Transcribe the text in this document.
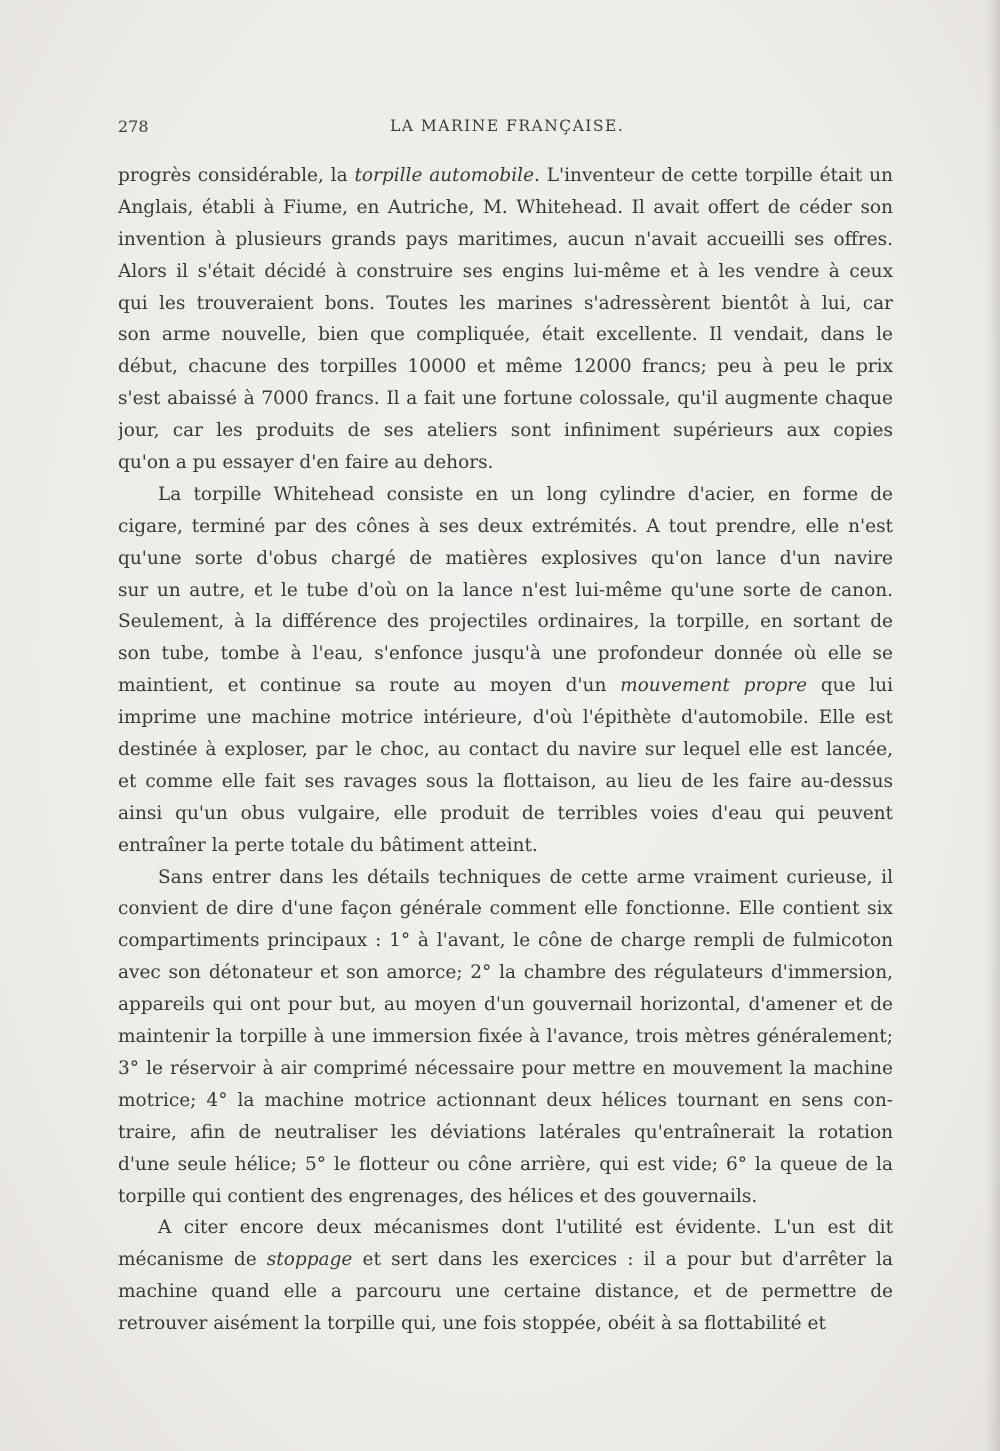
278	LA MARINE FRANÇAISE.

progrès considérable, la torpille automobile. L'inventeur de cette torpille était un
Anglais, établi à Fiume, en Autriche, M. Whitehead. Il avait offert de céder son
invention à plusieurs grands pays maritimes, aucun n'avait accueilli ses offres.
Alors il s'était décidé à construire ses engins lui-même et à les vendre à ceux
qui les trouveraient bons. Toutes les marines s'adressèrent bientôt à lui, car
son arme nouvelle, bien que compliquée, était excellente. Il vendait, dans le
début, chacune des torpilles 10000 et même 12000 francs; peu à peu le prix
s'est abaissé à 7000 francs. Il a fait une fortune colossale, qu'il augmente chaque
jour, car les produits de ses ateliers sont infiniment supérieurs aux copies
qu'on a pu essayer d'en faire au dehors.

La torpille Whitehead consiste en un long cylindre d'acier, en forme de
cigare, terminé par des cônes à ses deux extrémités. A tout prendre, elle n'est
qu'une sorte d'obus chargé de matières explosives qu'on lance d'un navire
sur un autre, et le tube d'où on la lance n'est lui-même qu'une sorte de canon.
Seulement, à la différence des projectiles ordinaires, la torpille, en sortant de
son tube, tombe à l'eau, s'enfonce jusqu'à une profondeur donnée où elle se
maintient, et continue sa route au moyen d'un mouvement propre que lui
imprime une machine motrice intérieure, d'où l'épithète d'automobile. Elle est
destinée à exploser, par le choc, au contact du navire sur lequel elle est lancée,
et comme elle fait ses ravages sous la flottaison, au lieu de les faire au-dessus
ainsi qu'un obus vulgaire, elle produit de terribles voies d'eau qui peuvent
entraîner la perte totale du bâtiment atteint.

Sans entrer dans les détails techniques de cette arme vraiment curieuse, il
convient de dire d'une façon générale comment elle fonctionne. Elle contient six
compartiments principaux : 1° à l'avant, le cône de charge rempli de fulmicoton
avec son détonateur et son amorce; 2° la chambre des régulateurs d'immersion,
appareils qui ont pour but, au moyen d'un gouvernail horizontal, d'amener et de
maintenir la torpille à une immersion fixée à l'avance, trois mètres généralement;
3° le réservoir à air comprimé nécessaire pour mettre en mouvement la machine
motrice; 4° la machine motrice actionnant deux hélices tournant en sens con-
traire, afin de neutraliser les déviations latérales qu'entraînerait la rotation
d'une seule hélice; 5° le flotteur ou cône arrière, qui est vide; 6° la queue de la
torpille qui contient des engrenages, des hélices et des gouvernails.

A citer encore deux mécanismes dont l'utilité est évidente. L'un est dit
mécanisme de stoppage et sert dans les exercices : il a pour but d'arrêter la
machine quand elle a parcouru une certaine distance, et de permettre de
retrouver aisément la torpille qui, une fois stoppée, obéit à sa flottabilité et
